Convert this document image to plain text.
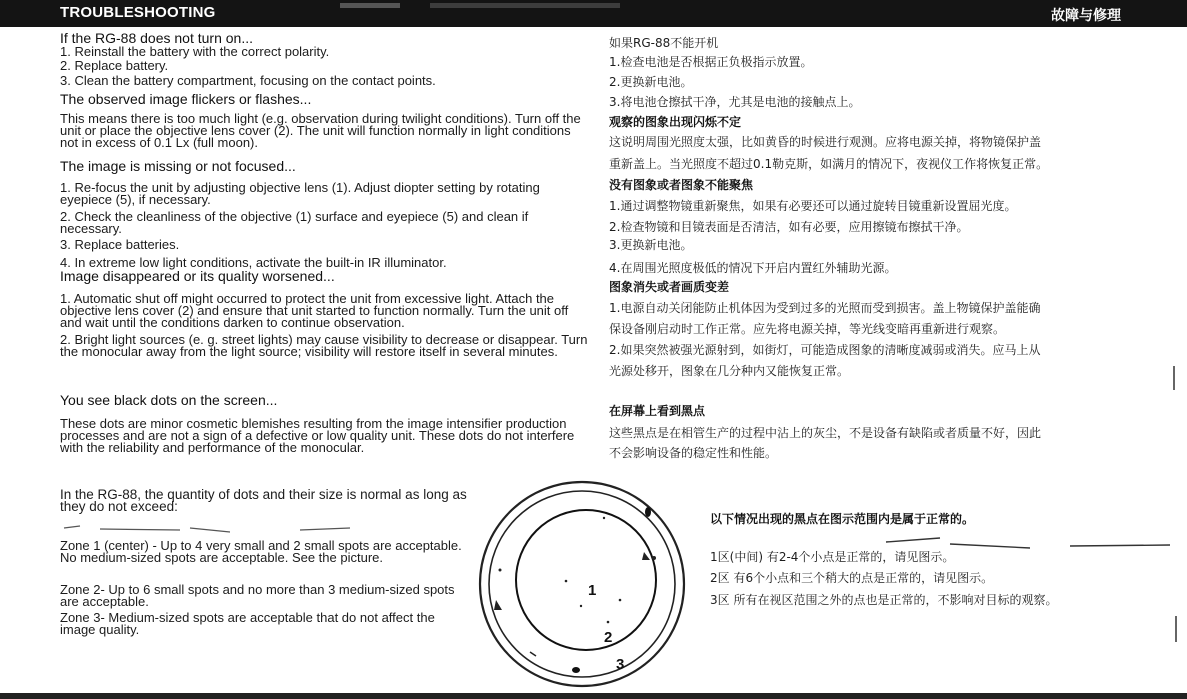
TROUBLESHOOTING	故障与修理
If the RG-88 does not turn on...
1. Reinstall the battery with the correct polarity.
2. Replace battery.
3. Clean the battery compartment, focusing on the contact points.
The observed image flickers or flashes...
This means there is too much light (e.g. observation during twilight conditions). Turn off the unit or place the objective lens cover (2). The unit will function normally in light conditions not in excess of 0.1 Lx (full moon).
The image is missing or not focused...
1. Re-focus the unit by adjusting objective lens (1). Adjust diopter setting by rotating eyepiece (5), if necessary.
2. Check the cleanliness of the objective (1) surface and eyepiece (5) and clean if necessary.
3. Replace batteries.
4. In extreme low light conditions, activate the built-in IR illuminator.
Image disappeared or its quality worsened...
1. Automatic shut off might occurred to protect the unit from excessive light. Attach the objective lens cover (2) and ensure that unit started to function normally. Turn the unit off and wait until the conditions darken to continue observation.
2. Bright light sources (e. g. street lights) may cause visibility to decrease or disappear. Turn the monocular away from the light source; visibility will restore itself in several minutes.
You see black dots on the screen...
These dots are minor cosmetic blemishes resulting from the image intensifier production processes and are not a sign of a defective or low quality unit. These dots do not interfere with the reliability and performance of the monocular.
In the RG-88, the quantity of dots and their size is normal as long as they do not exceed:
Zone 1 (center) - Up to 4 very small and 2 small spots are acceptable. No medium-sized spots are acceptable. See the picture.
Zone 2- Up to 6 small spots and no more than 3 medium-sized spots are acceptable.
Zone 3- Medium-sized spots are acceptable that do not affect the image quality.
如果RG-88不能开机
1.检查电池是否根据正负极指示放置。
2.更换新电池。
3.将电池仓擦拭干净，尤其是电池的接触点上。
观察的图象出现闪烁不定
这说明周围光照度太强，比如黄昏的时候进行观测。应将电源关掉，将物镜保护盖
重新盖上。当光照度不超过0.1勒克斯，如满月的情况下，夜视仪工作将恢复正常。
没有图象或者图象不能聚焦
1.通过调整物镜重新聚焦，如果有必要还可以通过旋转目镜重新设置屈光度。
2.检查物镜和目镜表面是否清洁，如有必要，应用擦镜布擦拭干净。
3.更换新电池。
4.在周围光照度极低的情况下开启内置红外辅助光源。
图象消失或者画质变差
1.电源自动关闭能防止机体因为受到过多的光照而受到损害。盖上物镜保护盖能确
保设备刚启动时工作正常。应先将电源关掉，等光线变暗再重新进行观察。
2.如果突然被强光源射到，如街灯，可能造成图象的清晰度减弱或消失。应马上从
光源处移开，图象在几分种内又能恢复正常。
在屏幕上看到黑点
这些黑点是在相管生产的过程中沾上的灰尘，不是设备有缺陷或者质量不好，因此
不会影响设备的稳定性和性能。
以下情况出现的黑点在图示范围内是属于正常的。
1区(中间) 有2-4个小点是正常的，请见图示。
2区 有6个小点和三个稍大的点是正常的，请见图示。
3区 所有在视区范围之外的点也是正常的，不影响对目标的观察。
1
2
3
